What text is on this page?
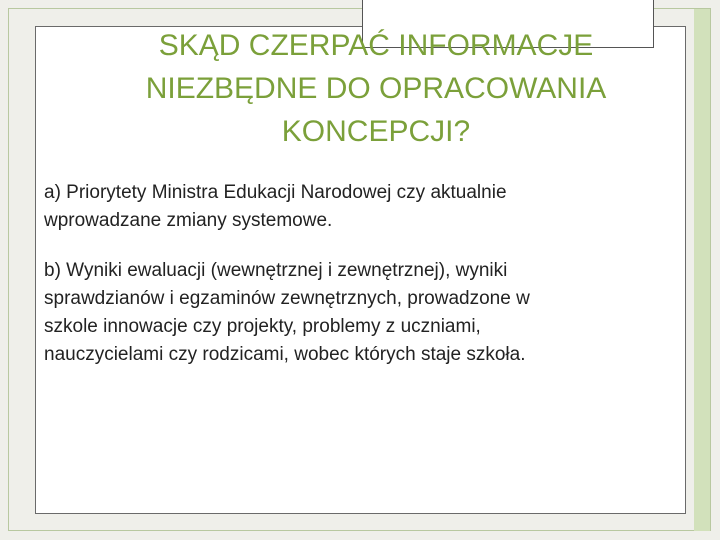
SKĄD CZERPAĆ INFORMACJE
NIEZBĘDNE DO OPRACOWANIA
KONCEPCJI?

a) Priorytety Ministra Edukacji Narodowej czy aktualnie
wprowadzane zmiany systemowe.

b) Wyniki ewaluacji (wewnętrznej i zewnętrznej), wyniki
sprawdzianów i egzaminów zewnętrznych, prowadzone w
szkole innowacje czy projekty, problemy z uczniami,
nauczycielami czy rodzicami, wobec których staje szkoła.
